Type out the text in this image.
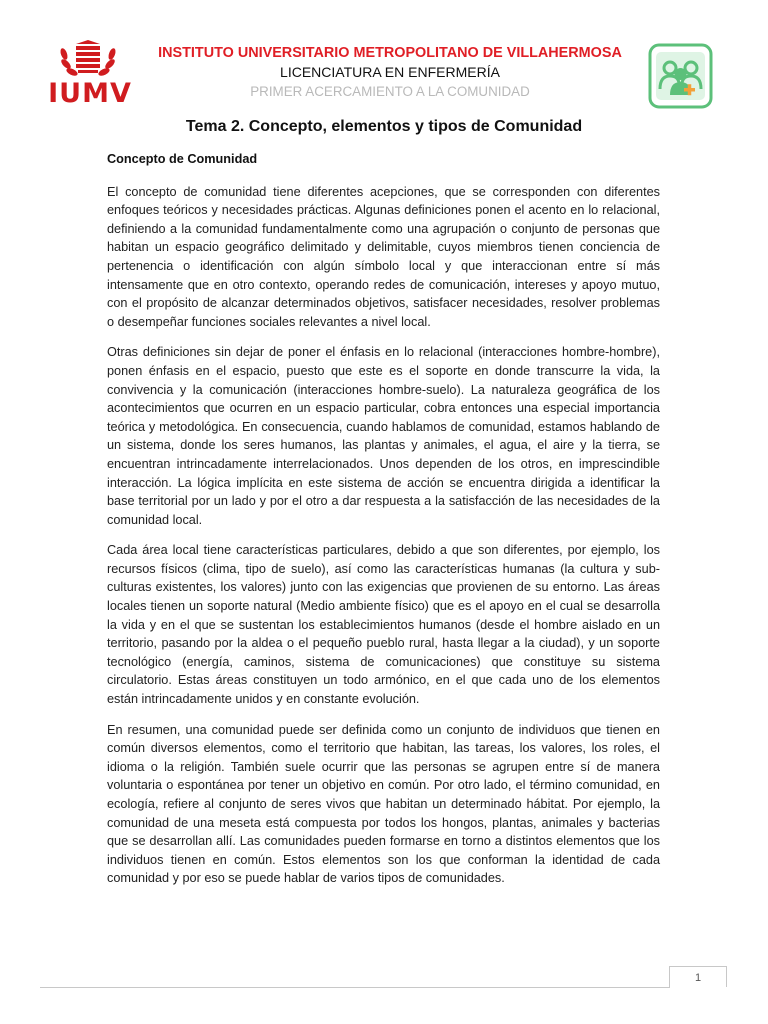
IUMV
INSTITUTO UNIVERSITARIO METROPOLITANO DE VILLAHERMOSA
LICENCIATURA EN ENFERMERÍA
PRIMER ACERCAMIENTO A LA COMUNIDAD
Tema 2. Concepto, elementos y tipos de Comunidad
Concepto de Comunidad

El concepto de comunidad tiene diferentes acepciones, que se corresponden con diferentes enfoques teóricos y necesidades prácticas. Algunas definiciones ponen el acento en lo relacional, definiendo a la comunidad fundamentalmente como una agrupación o conjunto de personas que habitan un espacio geográfico delimitado y delimitable, cuyos miembros tienen conciencia de pertenencia o identificación con algún símbolo local y que interaccionan entre sí más intensamente que en otro contexto, operando redes de comunicación, intereses y apoyo mutuo, con el propósito de alcanzar determinados objetivos, satisfacer necesidades, resolver problemas o desempeñar funciones sociales relevantes a nivel local.

Otras definiciones sin dejar de poner el énfasis en lo relacional (interacciones hombre-hombre), ponen énfasis en el espacio, puesto que este es el soporte en donde transcurre la vida, la convivencia y la comunicación (interacciones hombre-suelo). La naturaleza geográfica de los acontecimientos que ocurren en un espacio particular, cobra entonces una especial importancia teórica y metodológica. En consecuencia, cuando hablamos de comunidad, estamos hablando de un sistema, donde los seres humanos, las plantas y animales, el agua, el aire y la tierra, se encuentran intrincadamente interrelacionados. Unos dependen de los otros, en imprescindible interacción. La lógica implícita en este sistema de acción se encuentra dirigida a identificar la base territorial por un lado y por el otro a dar respuesta a la satisfacción de las necesidades de la comunidad local.

Cada área local tiene características particulares, debido a que son diferentes, por ejemplo, los recursos físicos (clima, tipo de suelo), así como las características humanas (la cultura y sub-culturas existentes, los valores) junto con las exigencias que provienen de su entorno. Las áreas locales tienen un soporte natural (Medio ambiente físico) que es el apoyo en el cual se desarrolla la vida y en el que se sustentan los establecimientos humanos (desde el hombre aislado en un territorio, pasando por la aldea o el pequeño pueblo rural, hasta llegar a la ciudad), y un soporte tecnológico (energía, caminos, sistema de comunicaciones) que constituye su sistema circulatorio. Estas áreas constituyen un todo armónico, en el que cada uno de los elementos están intrincadamente unidos y en constante evolución.

En resumen, una comunidad puede ser definida como un conjunto de individuos que tienen en común diversos elementos, como el territorio que habitan, las tareas, los valores, los roles, el idioma o la religión. También suele ocurrir que las personas se agrupen entre sí de manera voluntaria o espontánea por tener un objetivo en común. Por otro lado, el término comunidad, en ecología, refiere al conjunto de seres vivos que habitan un determinado hábitat. Por ejemplo, la comunidad de una meseta está compuesta por todos los hongos, plantas, animales y bacterias que se desarrollan allí. Las comunidades pueden formarse en torno a distintos elementos que los individuos tienen en común. Estos elementos son los que conforman la identidad de cada comunidad y por eso se puede hablar de varios tipos de comunidades.

1
